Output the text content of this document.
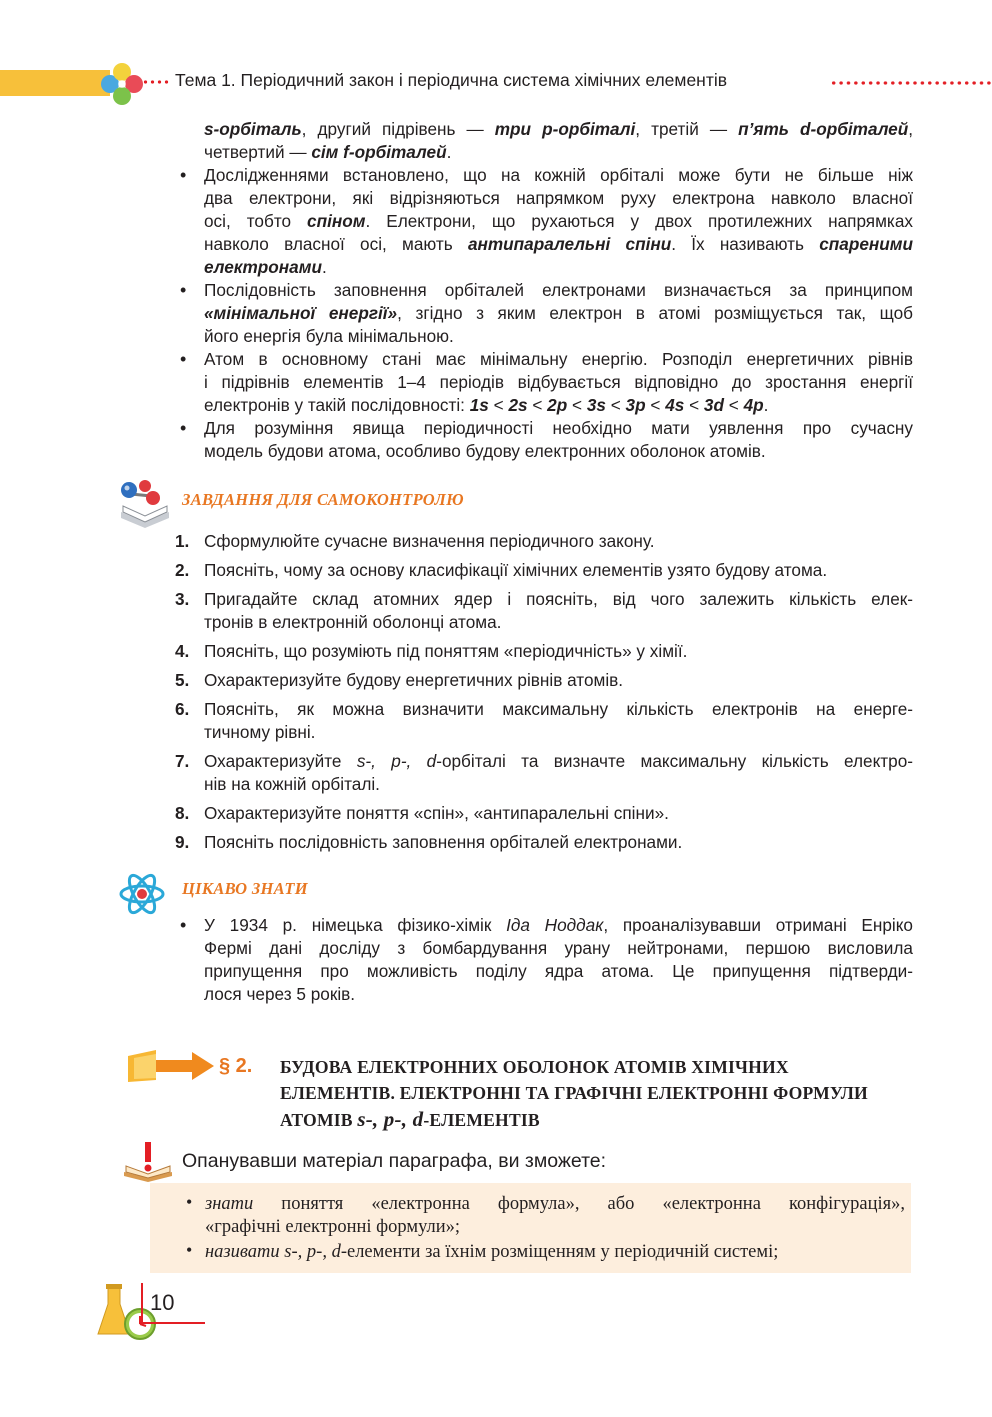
Тема 1. Періодичний закон і періодична система хімічних елементів
s-орбіталь, другий підрівень — три р-орбіталі, третій — п’ять d-орбіталей,
четвертий — сім f-орбіталей.
• Дослідженнями встановлено, що на кожній орбіталі може бути не більше ніж
два електрони, які відрізняються напрямком руху електрона навколо власної
осі, тобто спіном. Електрони, що рухаються у двох протилежних напрямках
навколо власної осі, мають антипаралельні спіни. Їх називають спареними
електронами.
• Послідовність заповнення орбіталей електронами визначається за принципом
«мінімальної енергії», згідно з яким електрон в атомі розміщується так, щоб
його енергія була мінімальною.
• Атом в основному стані має мінімальну енергію. Розподіл енергетичних рівнів
і підрівнів елементів 1–4 періодів відбувається відповідно до зростання енергії
електронів у такій послідовності: 1s < 2s < 2p < 3s < 3p < 4s < 3d < 4p.
• Для розуміння явища періодичності необхідно мати уявлення про сучасну
модель будови атома, особливо будову електронних оболонок атомів.
ЗАВДАННЯ ДЛЯ САМОКОНТРОЛЮ
1. Сформулюйте сучасне визначення періодичного закону.
2. Поясніть, чому за основу класифікації хімічних елементів узято будову атома.
3. Пригадайте склад атомних ядер і поясніть, від чого залежить кількість елек-
тронів в електронній оболонці атома.
4. Поясніть, що розуміють під поняттям «періодичність» у хімії.
5. Охарактеризуйте будову енергетичних рівнів атомів.
6. Поясніть, як можна визначити максимальну кількість електронів на енерге-
тичному рівні.
7. Охарактеризуйте s-, p-, d-орбіталі та визначте максимальну кількість електро-
нів на кожній орбіталі.
8. Охарактеризуйте поняття «спін», «антипаралельні спіни».
9. Поясніть послідовність заповнення орбіталей електронами.
ЦІКАВО ЗНАТИ
• У 1934 р. німецька фізико-хімік Іда Ноддак, проаналізувавши отримані Енріко
Фермі дані досліду з бомбардування урану нейтронами, першою висловила
припущення про можливість поділу ядра атома. Це припущення підтверди-
лося через 5 років.
§ 2. БУДОВА ЕЛЕКТРОННИХ ОБОЛОНОК АТОМІВ ХІМІЧНИХ
ЕЛЕМЕНТІВ. ЕЛЕКТРОННІ ТА ГРАФІЧНІ ЕЛЕКТРОННІ ФОРМУЛИ
АТОМІВ s-, p-, d-ЕЛЕМЕНТІВ
Опанувавши матеріал параграфа, ви зможете:
• знати поняття «електронна формула», або «електронна конфігурація»,
«графічні електронні формули»;
• називати s-, p-, d-елементи за їхнім розміщенням у періодичній системі;
10
